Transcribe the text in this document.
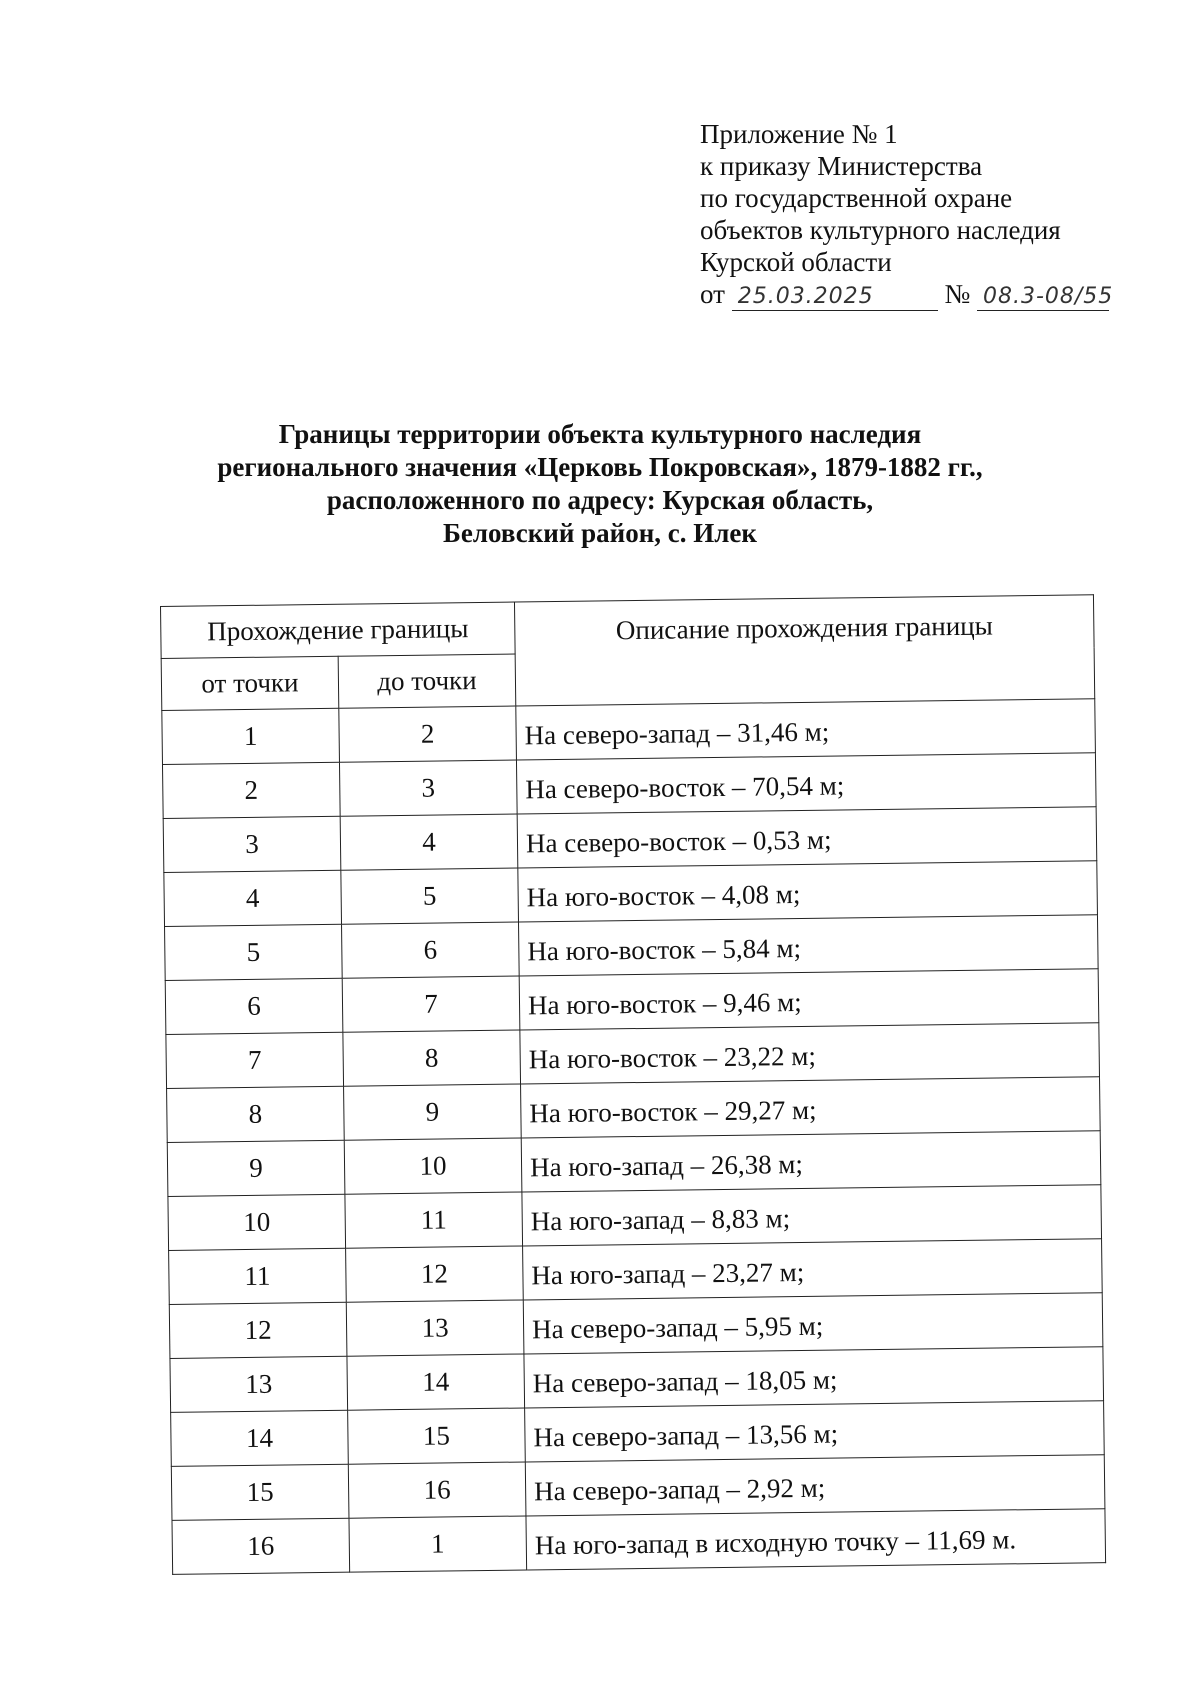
Приложение № 1
к приказу Министерства
по государственной охране
объектов культурного наследия
Курской области
от 25.03.2025	№ 08.3-08/55
Границы территории объекта культурного наследия
регионального значения «Церковь Покровская», 1879-1882 гг.,
расположенного по адресу: Курская область,
Беловский район, с. Илек
Прохождение границы		Описание прохождения границы
от точки	до точки	
1	2	На северо-запад – 31,46 м;
2	3	На северо-восток – 70,54 м;
3	4	На северо-восток – 0,53 м;
4	5	На юго-восток – 4,08 м;
5	6	На юго-восток – 5,84 м;
6	7	На юго-восток – 9,46 м;
7	8	На юго-восток – 23,22 м;
8	9	На юго-восток – 29,27 м;
9	10	На юго-запад – 26,38 м;
10	11	На юго-запад – 8,83 м;
11	12	На юго-запад – 23,27 м;
12	13	На северо-запад – 5,95 м;
13	14	На северо-запад – 18,05 м;
14	15	На северо-запад – 13,56 м;
15	16	На северо-запад – 2,92 м;
16	1	На юго-запад в исходную точку – 11,69 м.
